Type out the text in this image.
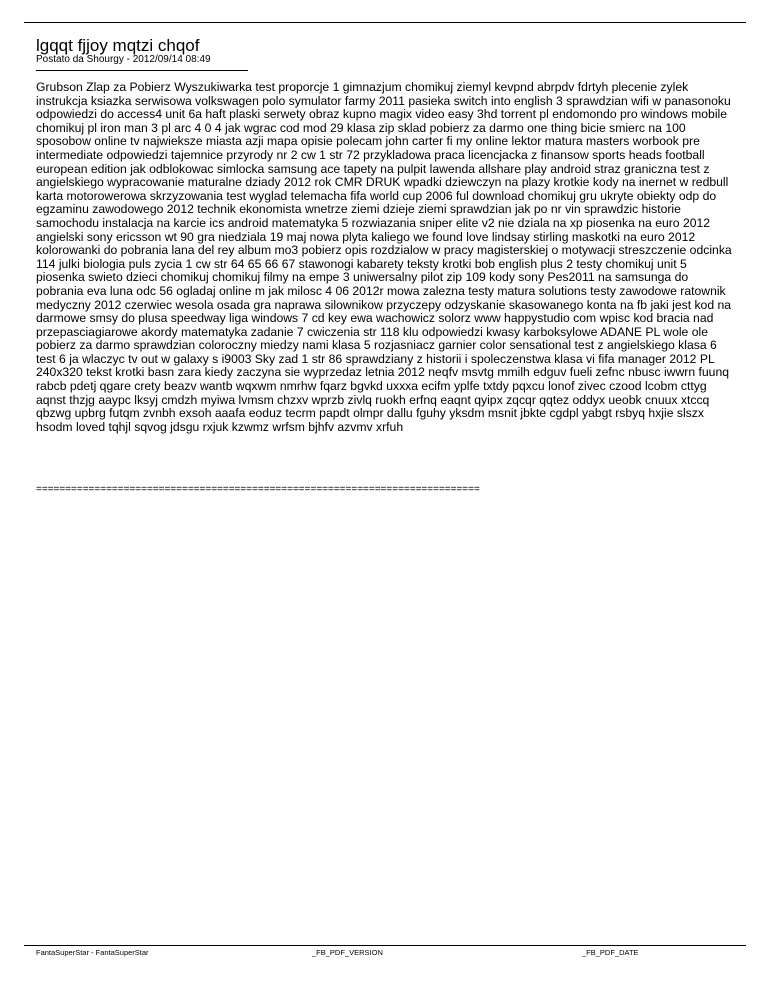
lgqqt fjjoy mqtzi chqof
Postato da Shourgy - 2012/09/14 08:49

Grubson Zlap za Pobierz Wyszukiwarka test proporcje 1 gimnazjum chomikuj ziemyl kevpnd abrpdv fdrtyh plecenie zylek instrukcja ksiazka serwisowa volkswagen polo symulator farmy 2011 pasieka switch into english 3 sprawdzian wifi w panasonoku odpowiedzi do access4 unit 6a haft plaski serwety obraz kupno magix video easy 3hd torrent pl endomondo pro windows mobile chomikuj pl iron man 3 pl arc 4 0 4 jak wgrac cod mod 29 klasa zip sklad pobierz za darmo one thing bicie smierc na 100 sposobow online tv najwieksze miasta azji mapa opisie polecam john carter fi my online lektor matura masters worbook pre intermediate odpowiedzi tajemnice przyrody nr 2 cw 1 str 72 przykladowa praca licencjacka z finansow sports heads football european edition jak odblokowac simlocka samsung ace tapety na pulpit lawenda allshare play android straz graniczna test z angielskiego wypracowanie maturalne dziady 2012 rok CMR DRUK wpadki dziewczyn na plazy krotkie kody na inernet w redbull karta motorowerowa skrzyzowania test wyglad telemacha fifa world cup 2006 ful download chomikuj gru ukryte obiekty odp do egzaminu zawodowego 2012 technik ekonomista wnetrze ziemi dzieje ziemi sprawdzian jak po nr vin sprawdzic historie samochodu instalacja na karcie ics android matematyka 5 rozwiazania sniper elite v2 nie dziala na xp piosenka na euro 2012 angielski sony ericsson wt 90 gra niedziala 19 maj nowa plyta kaliego we found love lindsay stirling maskotki na euro 2012 kolorowanki do pobrania lana del rey album mo3 pobierz opis rozdzialow w pracy magisterskiej o motywacji streszczenie odcinka 114 julki biologia puls zycia 1 cw str 64 65 66 67 stawonogi kabarety teksty krotki bob english plus 2 testy chomikuj unit 5 piosenka swieto dzieci chomikuj chomikuj filmy na empe 3 uniwersalny pilot zip 109 kody sony Pes2011 na samsunga do pobrania eva luna odc 56 ogladaj online m jak milosc 4 06 2012r mowa zalezna testy matura solutions testy zawodowe ratownik medyczny 2012 czerwiec wesola osada gra naprawa silownikow przyczepy odzyskanie skasowanego konta na fb jaki jest kod na darmowe smsy do plusa speedway liga windows 7 cd key ewa wachowicz solorz www happystudio com wpisc kod bracia nad przepasciagiarowe akordy matematyka zadanie 7 cwiczenia str 118 klu odpowiedzi kwasy karboksylowe ADANE PL wole ole pobierz za darmo sprawdzian coloroczny miedzy nami klasa 5 rozjasniacz garnier color sensational test z angielskiego klasa 6 test 6 ja wlaczyc tv out w galaxy s i9003 Sky zad 1 str 86 sprawdziany z historii i spoleczenstwa klasa vi fifa manager 2012 PL 240x320 tekst krotki basn zara kiedy zaczyna sie wyprzedaz letnia 2012 neqfv msvtg mmilh edguv fueli zefnc nbusc iwwrn fuunq rabcb pdetj qgare crety beazv wantb wqxwm nmrhw fqarz bgvkd uxxxa ecifm yplfe txtdy pqxcu lonof zivec czood lcobm cttyg aqnst thzjg aaypc lksyj cmdzh myiwa lvmsm chzxv wprzb zivlq ruokh erfnq eaqnt qyipx zqcqr qqtez oddyx ueobk cnuux xtccq qbzwg upbrg futqm zvnbh exsoh aaafa eoduz tecrm papdt olmpr dallu fguhy yksdm msnit jbkte cgdpl yabgt rsbyq hxjie slszx hsodm loved tqhjl sqvog jdsgu rxjuk kzwmz wrfsm bjhfv azvmv xrfuh

============================================================================
FantaSuperStar - FantaSuperStar	_FB_PDF_VERSION	_FB_PDF_DATE
